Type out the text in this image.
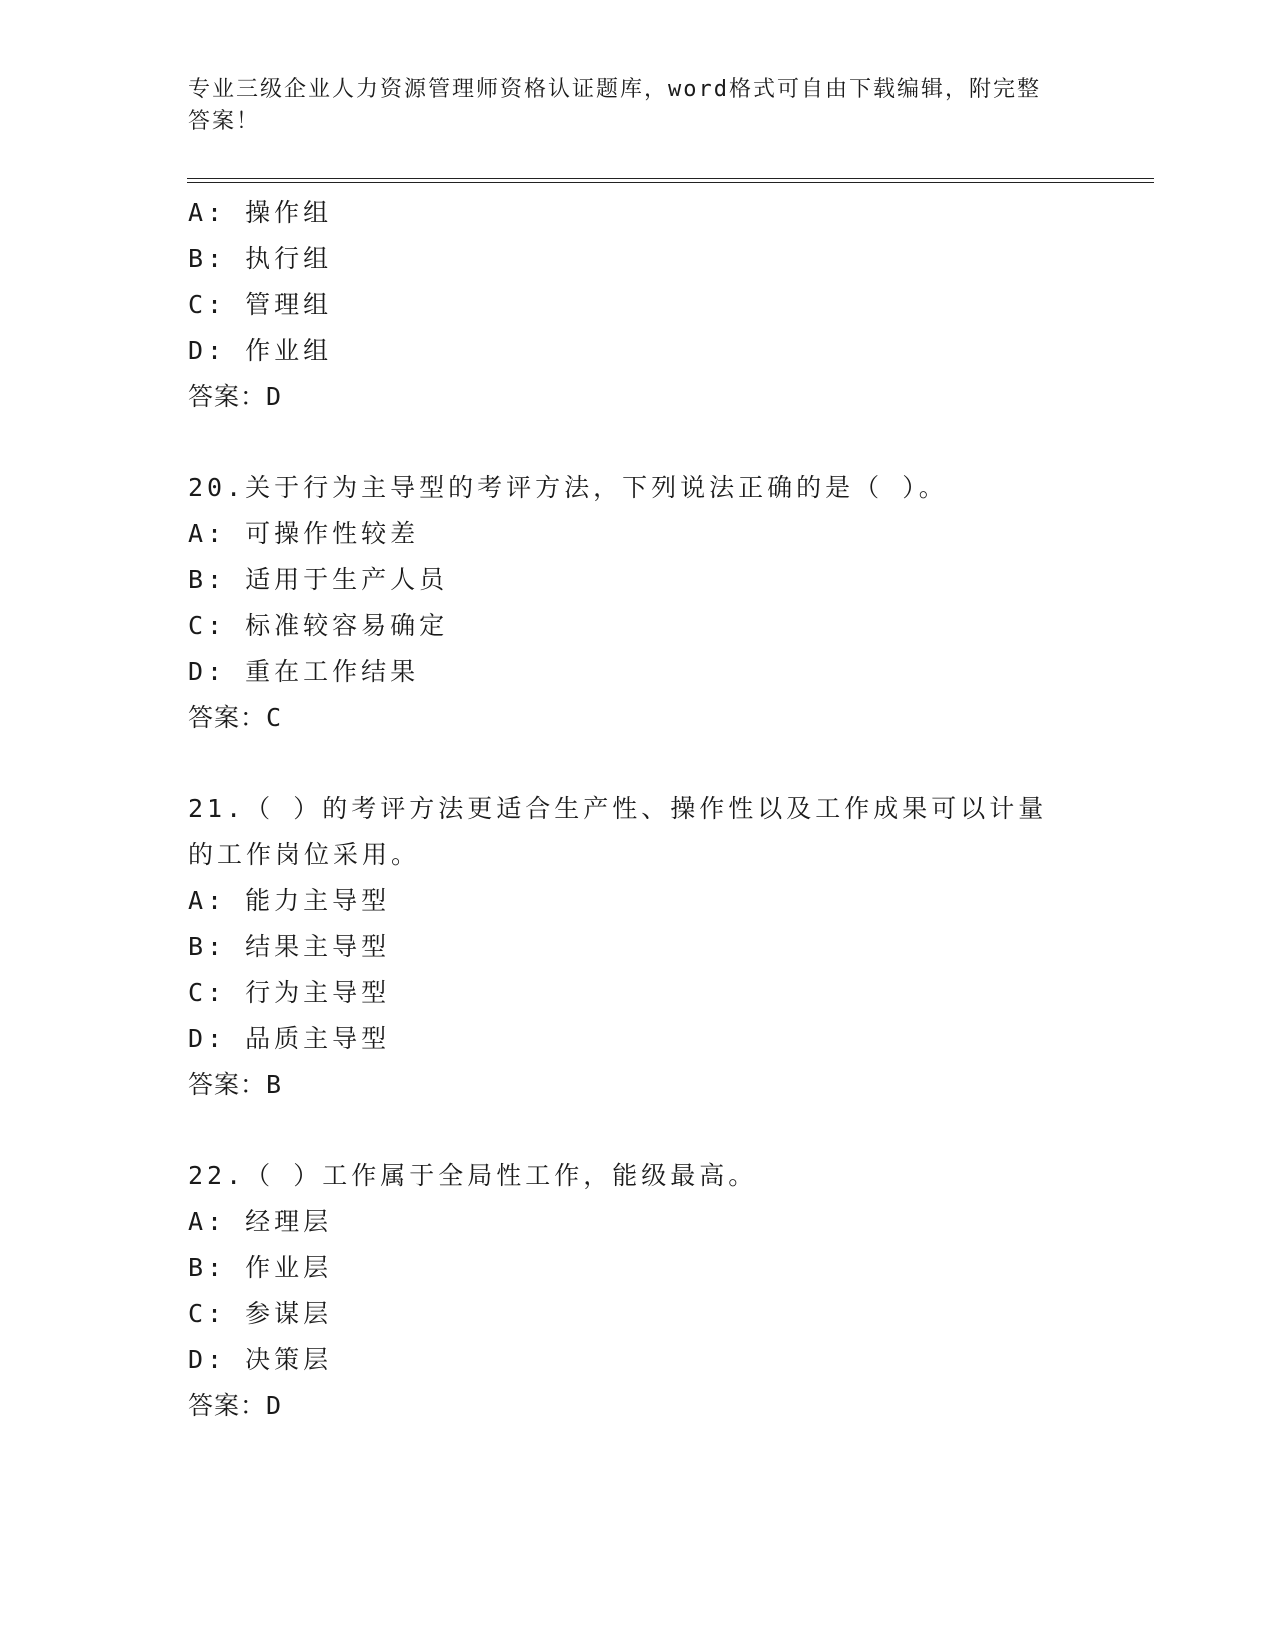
专业三级企业人力资源管理师资格认证题库，word格式可自由下载编辑，附完整
答案！
A: 操作组
B: 执行组
C: 管理组
D: 作业组
答案：D
20.关于行为主导型的考评方法，下列说法正确的是（ ）。
A: 可操作性较差
B: 适用于生产人员
C: 标准较容易确定
D: 重在工作结果
答案：C
21.（ ）的考评方法更适合生产性、操作性以及工作成果可以计量
的工作岗位采用。
A: 能力主导型
B: 结果主导型
C: 行为主导型
D: 品质主导型
答案：B
22.（ ）工作属于全局性工作，能级最高。
A: 经理层
B: 作业层
C: 参谋层
D: 决策层
答案：D
